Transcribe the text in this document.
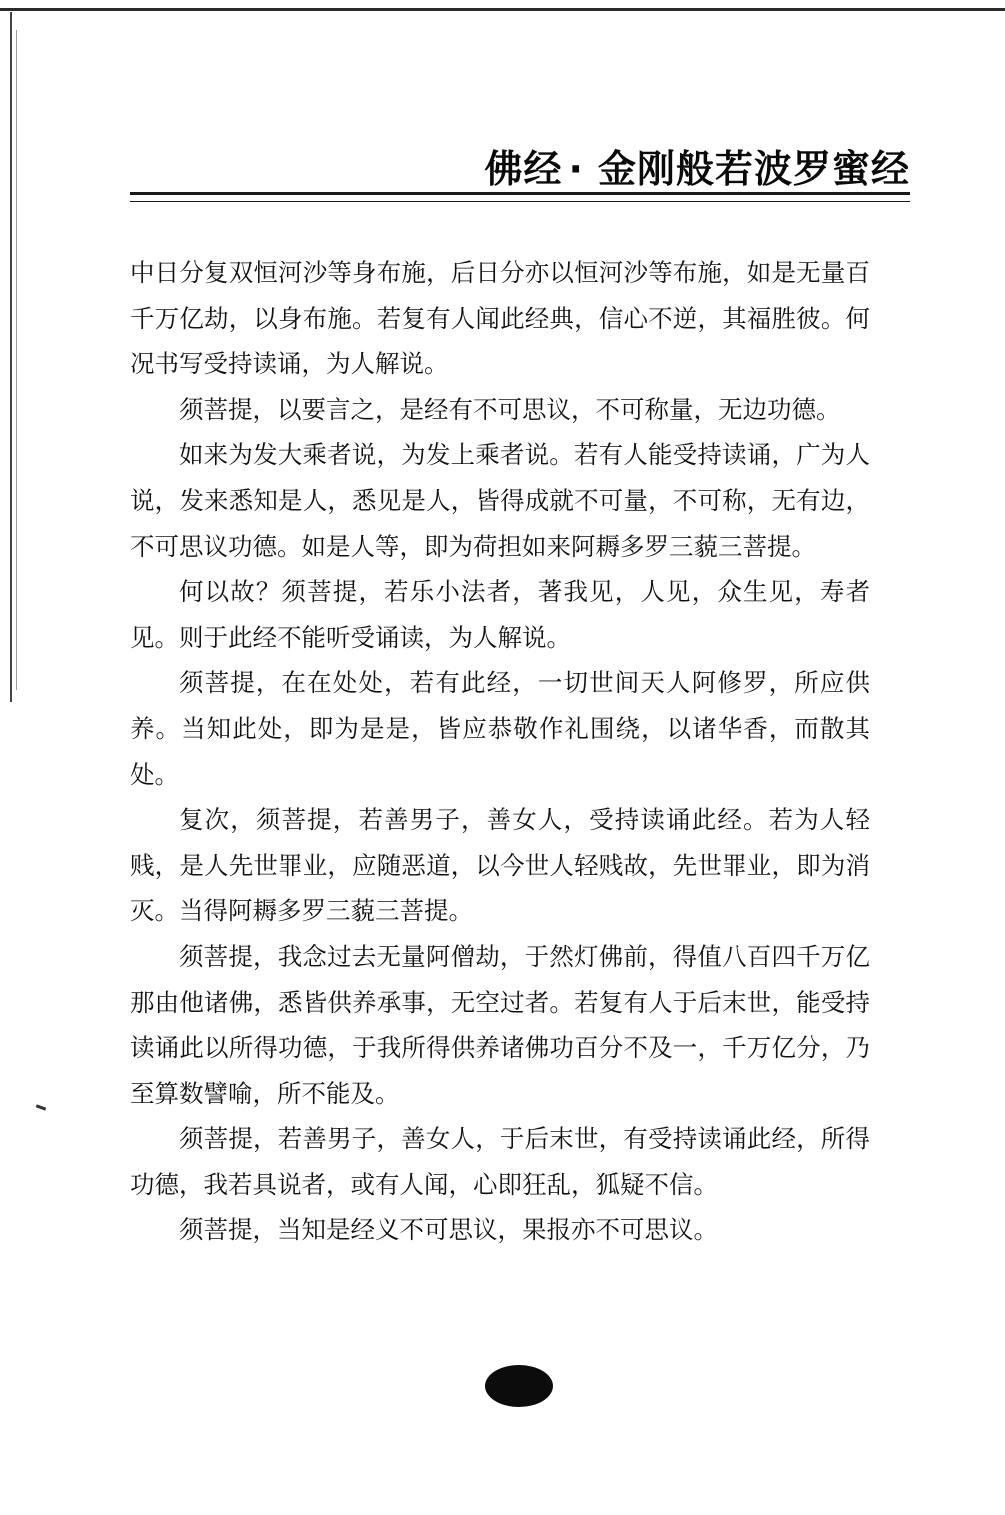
佛经 · 金刚般若波罗蜜经

中日分复双恒河沙等身布施，后日分亦以恒河沙等布施，如是无量百千万亿劫，以身布施。若复有人闻此经典，信心不逆，其福胜彼。何况书写受持读诵，为人解说。

须菩提，以要言之，是经有不可思议，不可称量，无边功德。

如来为发大乘者说，为发上乘者说。若有人能受持读诵，广为人说，发来悉知是人，悉见是人，皆得成就不可量，不可称，无有边，不可思议功德。如是人等，即为荷担如来阿耨多罗三藐三菩提。

何以故？须菩提，若乐小法者，著我见，人见，众生见，寿者见。则于此经不能听受诵读，为人解说。

须菩提，在在处处，若有此经，一切世间天人阿修罗，所应供养。当知此处，即为是是，皆应恭敬作礼围绕，以诸华香，而散其处。

复次，须菩提，若善男子，善女人，受持读诵此经。若为人轻贱，是人先世罪业，应随恶道，以今世人轻贱故，先世罪业，即为消灭。当得阿耨多罗三藐三菩提。

须菩提，我念过去无量阿僧劫，于然灯佛前，得值八百四千万亿那由他诸佛，悉皆供养承事，无空过者。若复有人于后末世，能受持读诵此以所得功德，于我所得供养诸佛功百分不及一，千万亿分，乃至算数譬喻，所不能及。

须菩提，若善男子，善女人，于后末世，有受持读诵此经，所得功德，我若具说者，或有人闻，心即狂乱，狐疑不信。

须菩提，当知是经义不可思议，果报亦不可思议。
